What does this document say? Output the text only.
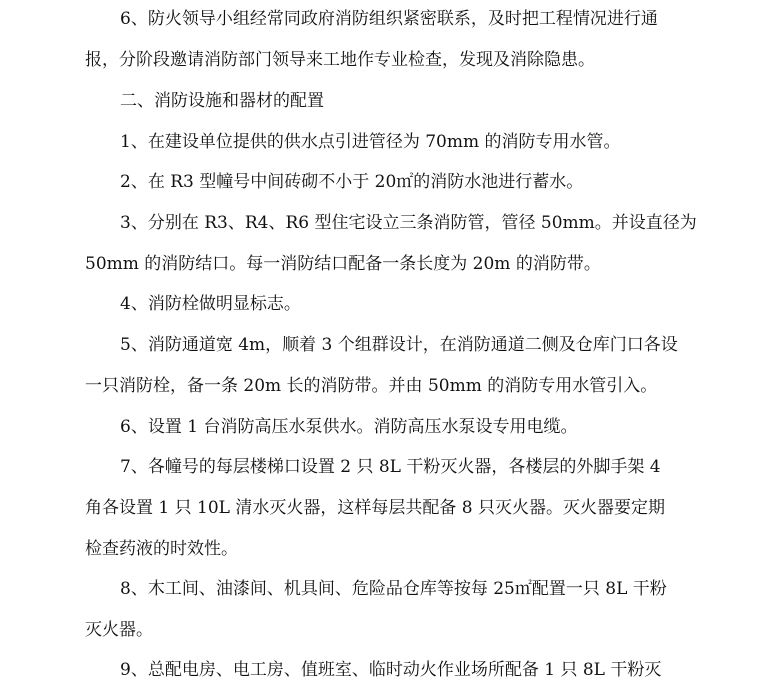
6、防火领导小组经常同政府消防组织紧密联系，及时把工程情况进行通
报，分阶段邀请消防部门领导来工地作专业检查，发现及消除隐患。
二、消防设施和器材的配置
1、在建设单位提供的供水点引进管径为 70mm 的消防专用水管。
2、在 R3 型幢号中间砖砌不小于 20㎡的消防水池进行蓄水。
3、分别在 R3、R4、R6 型住宅设立三条消防管，管径 50mm。并设直径为
50mm 的消防结口。每一消防结口配备一条长度为 20m 的消防带。
4、消防栓做明显标志。
5、消防通道宽 4m，顺着 3 个组群设计，在消防通道二侧及仓库门口各设
一只消防栓，备一条 20m 长的消防带。并由 50mm 的消防专用水管引入。
6、设置 1 台消防高压水泵供水。消防高压水泵设专用电缆。
7、各幢号的每层楼梯口设置 2 只 8L 干粉灭火器，各楼层的外脚手架 4
角各设置 1 只 10L 清水灭火器，这样每层共配备 8 只灭火器。灭火器要定期
检查药液的时效性。
8、木工间、油漆间、机具间、危险品仓库等按每 25㎡配置一只 8L 干粉
灭火器。
9、总配电房、电工房、值班室、临时动火作业场所配备 1 只 8L 干粉灭
